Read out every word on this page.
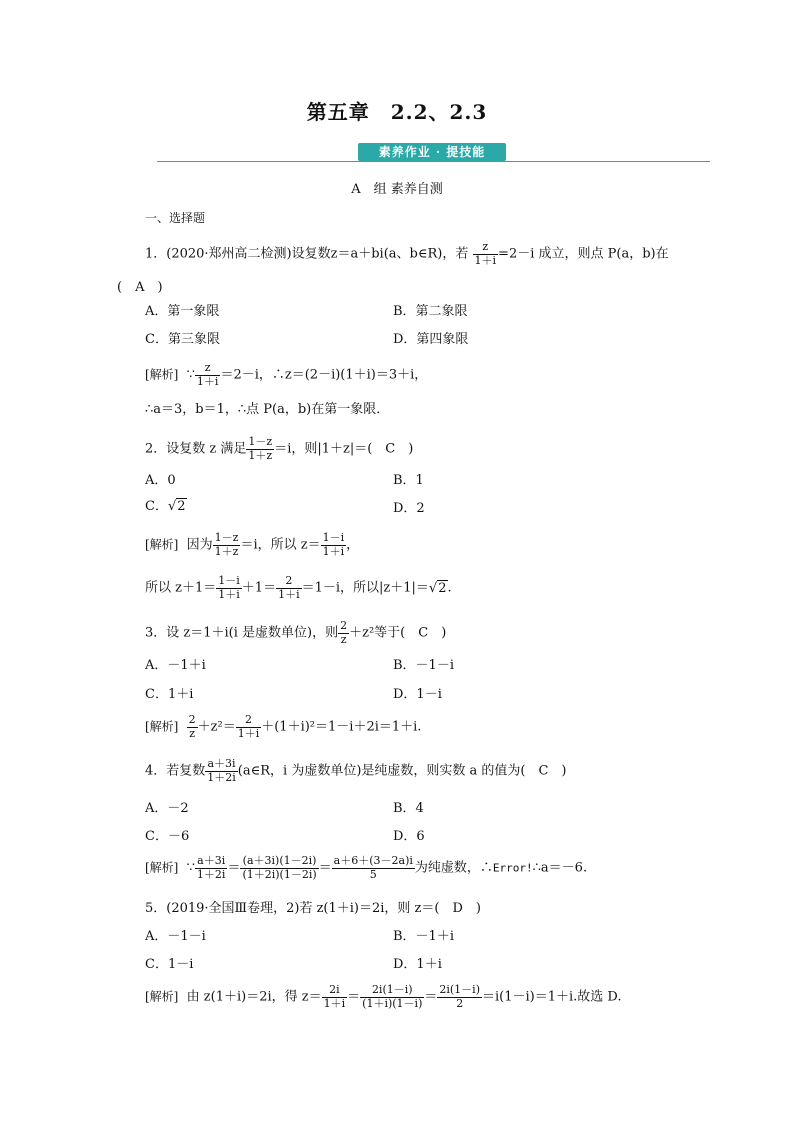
第五章　2.2、2.3
素养作业 · 提技能
A　组 素养自测
一、选择题
1．(2020·郑州高二检测)设复数z＝a＋bi(a、b∈R)，若 $\frac{z}{1+i} =2-i$ 成立，则点 P(a，b)在
(　A　)
A．第一象限	B．第二象限
C．第三象限	D．第四象限
[解析] ∵ $\frac{z}{1+i} =2-i$，∴z＝(2－i)(1＋i)＝3＋i，
∴a＝3，b＝1，∴点 P(a，b)在第一象限．
2．设复数 z 满足 $\frac{1-z}{1+z} =i$，则|1＋z|＝(　C　)
A．0	B．1
C．√2	D．2
[解析] 因为 $\frac{1-z}{1+z} =i$，所以 $z= \frac{1-i}{1+i}$ ，
所以 $z+1= \frac{1-i}{1+i} +1= \frac{2}{1+i} =1-i$，所以|z＋1|＝√2.
3．设 z＝1＋i(i 是虚数单位)，则 $\frac{2}{z} +z^2$等于(　C　)
A．－1＋i	B．－1－i
C．1＋i	D．1－i
[解析] $\frac{2}{z} +z^2= \frac{2}{1+i} +(1+i)^2=1-i+2i=1+i$.
4．若复数 $\frac{a+3i}{1+2i}$ (a∈R，i 为虚数单位)是纯虚数，则实数 a 的值为(　C　)
A．－2	B．4
C．－6	D．6
[解析] ∵ $\frac{a+3i}{1+2i} = \frac{(a+3i)(1-2i)}{(1+2i)(1-2i)} = \frac{a+6+(3-2a)i}{5}$ 为纯虚数，∴Error!∴a＝－6.
5．(2019·全国Ⅲ卷理，2)若 z(1＋i)＝2i，则 z＝(　D　)
A．－1－i	B．－1＋i
C．1－i	D．1＋i
[解析] 由 z(1＋i)＝2i，得 $z= \frac{2i}{1+i} = \frac{2i(1-i)}{(1+i)(1-i)} = \frac{2i(1-i)}{2} =i(1-i)=1+i$.故选 D.
